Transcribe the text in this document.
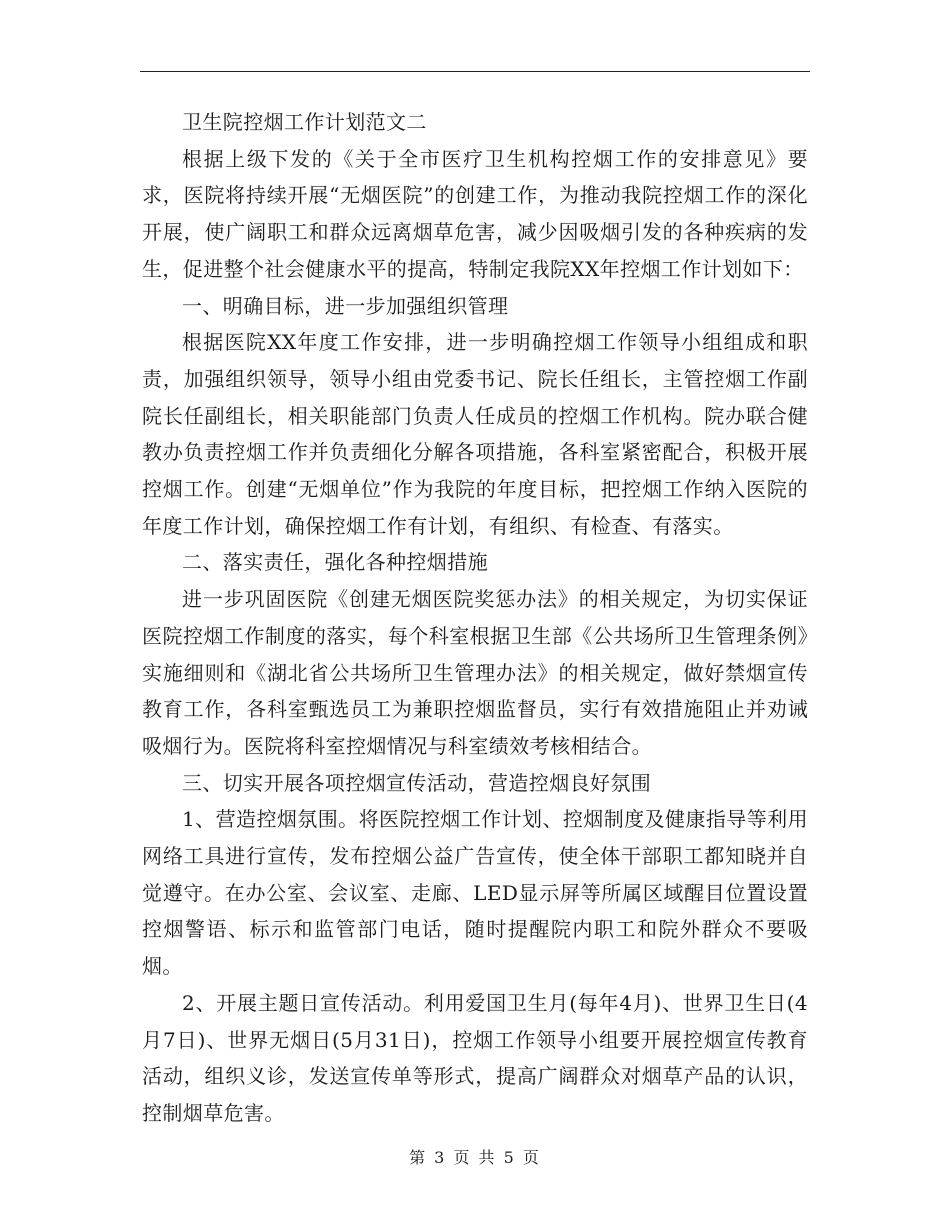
卫生院控烟工作计划范文二

根据上级下发的《关于全市医疗卫生机构控烟工作的安排意见》要求，医院将持续开展“无烟医院”的创建工作，为推动我院控烟工作的深化开展，使广阔职工和群众远离烟草危害，减少因吸烟引发的各种疾病的发生，促进整个社会健康水平的提高，特制定我院XX年控烟工作计划如下：

一、明确目标，进一步加强组织管理

根据医院XX年度工作安排，进一步明确控烟工作领导小组组成和职责，加强组织领导，领导小组由党委书记、院长任组长，主管控烟工作副院长任副组长，相关职能部门负责人任成员的控烟工作机构。院办联合健教办负责控烟工作并负责细化分解各项措施，各科室紧密配合，积极开展控烟工作。创建“无烟单位”作为我院的年度目标，把控烟工作纳入医院的年度工作计划，确保控烟工作有计划，有组织、有检查、有落实。

二、落实责任，强化各种控烟措施

进一步巩固医院《创建无烟医院奖惩办法》的相关规定，为切实保证医院控烟工作制度的落实，每个科室根据卫生部《公共场所卫生管理条例》实施细则和《湖北省公共场所卫生管理办法》的相关规定，做好禁烟宣传教育工作，各科室甄选员工为兼职控烟监督员，实行有效措施阻止并劝诫吸烟行为。医院将科室控烟情况与科室绩效考核相结合。

三、切实开展各项控烟宣传活动，营造控烟良好氛围

1、营造控烟氛围。将医院控烟工作计划、控烟制度及健康指导等利用网络工具进行宣传，发布控烟公益广告宣传，使全体干部职工都知晓并自觉遵守。在办公室、会议室、走廊、LED显示屏等所属区域醒目位置设置控烟警语、标示和监管部门电话，随时提醒院内职工和院外群众不要吸烟。

2、开展主题日宣传活动。利用爱国卫生月(每年4月)、世界卫生日(4月7日)、世界无烟日(5月31日)，控烟工作领导小组要开展控烟宣传教育活动，组织义诊，发送宣传单等形式，提高广阔群众对烟草产品的认识，控制烟草危害。

第 3 页 共 5 页
